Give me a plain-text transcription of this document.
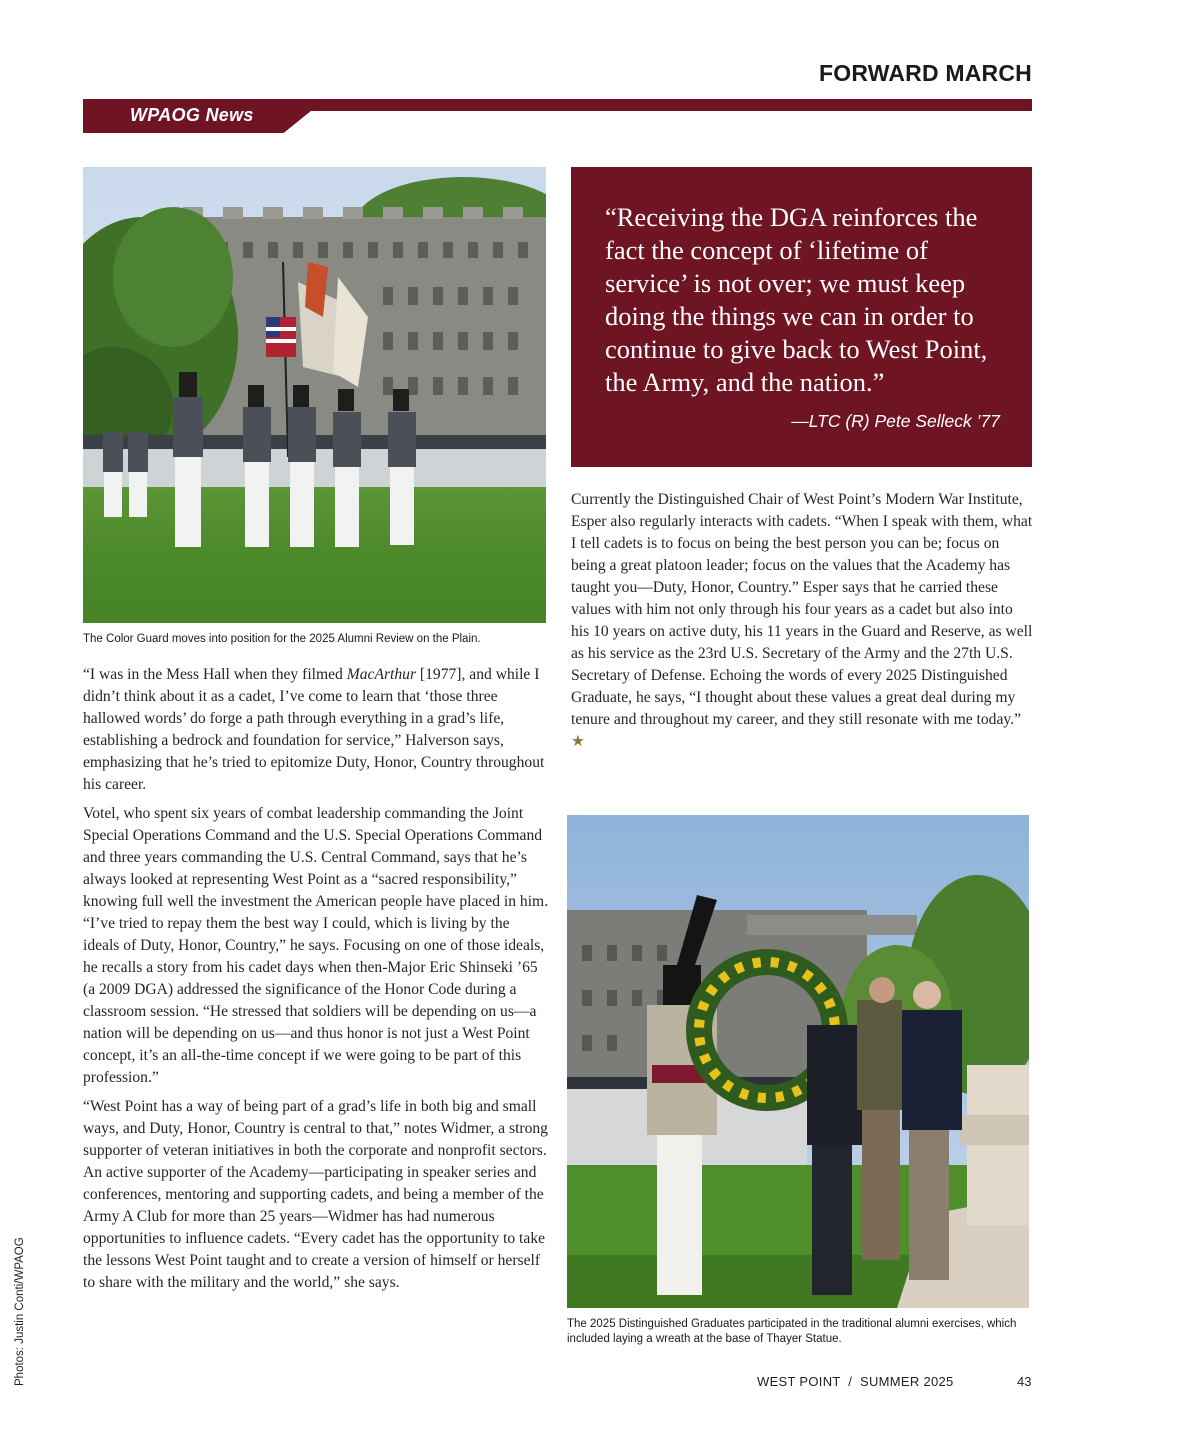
FORWARD MARCH
WPAOG News
The Color Guard moves into position for the 2025 Alumni Review on the Plain.

“I was in the Mess Hall when they filmed MacArthur [1977], and while I didn’t think about it as a cadet, I’ve come to learn that ‘those three hallowed words’ do forge a path through everything in a grad’s life, establishing a bedrock and foundation for service,” Halverson says, emphasizing that he’s tried to epitomize Duty, Honor, Country throughout his career.

Votel, who spent six years of combat leadership commanding the Joint Special Operations Command and the U.S. Special Operations Command and three years commanding the U.S. Central Command, says that he’s always looked at representing West Point as a “sacred responsibility,” knowing full well the investment the American people have placed in him. “I’ve tried to repay them the best way I could, which is living by the ideals of Duty, Honor, Country,” he says. Focusing on one of those ideals, he recalls a story from his cadet days when then-Major Eric Shinseki ’65 (a 2009 DGA) addressed the significance of the Honor Code during a classroom session. “He stressed that soldiers will be depending on us—a nation will be depending on us—and thus honor is not just a West Point concept, it’s an all-the-time concept if we were going to be part of this profession.”

“West Point has a way of being part of a grad’s life in both big and small ways, and Duty, Honor, Country is central to that,” notes Widmer, a strong supporter of veteran initiatives in both the corporate and nonprofit sectors. An active supporter of the Academy—participating in speaker series and conferences, mentoring and supporting cadets, and being a member of the Army A Club for more than 25 years—Widmer has had numerous opportunities to influence cadets. “Every cadet has the opportunity to take the lessons West Point taught and to create a version of himself or herself to share with the military and the world,” she says.

“Receiving the DGA reinforces the fact the concept of ‘lifetime of service’ is not over; we must keep doing the things we can in order to continue to give back to West Point, the Army, and the nation.”

—LTC (R) Pete Selleck ’77

Currently the Distinguished Chair of West Point’s Modern War Institute, Esper also regularly interacts with cadets. “When I speak with them, what I tell cadets is to focus on being the best person you can be; focus on being a great platoon leader; focus on the values that the Academy has taught you—Duty, Honor, Country.” Esper says that he carried these values with him not only through his four years as a cadet but also into his 10 years on active duty, his 11 years in the Guard and Reserve, as well as his service as the 23rd U.S. Secretary of the Army and the 27th U.S. Secretary of Defense. Echoing the words of every 2025 Distinguished Graduate, he says, “I thought about these values a great deal during my tenure and throughout my career, and they still resonate with me today.” ★

The 2025 Distinguished Graduates participated in the traditional alumni exercises, which included laying a wreath at the base of Thayer Statue.
Photos: Justin Conti/WPAOG	WEST POINT  /  SUMMER 2025	43
